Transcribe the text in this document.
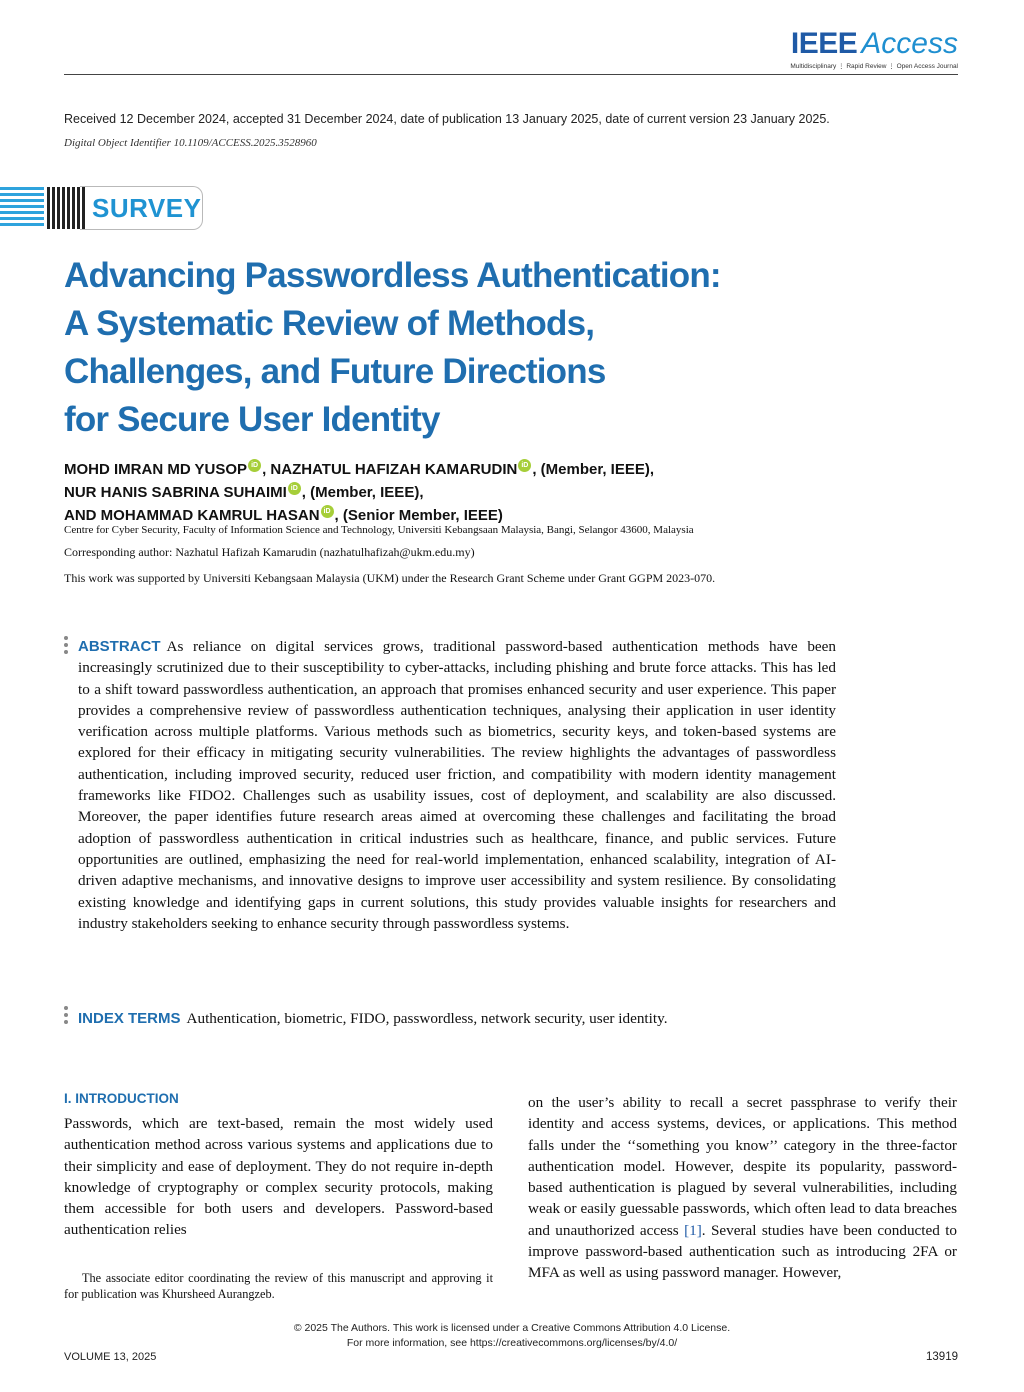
IEEE Access
Multidisciplinary ⋮ Rapid Review ⋮ Open Access Journal
Received 12 December 2024, accepted 31 December 2024, date of publication 13 January 2025, date of current version 23 January 2025.
Digital Object Identifier 10.1109/ACCESS.2025.3528960
SURVEY
Advancing Passwordless Authentication:
A Systematic Review of Methods,
Challenges, and Future Directions
for Secure User Identity
MOHD IMRAN MD YUSOP iD , NAZHATUL HAFIZAH KAMARUDIN iD , (Member, IEEE),
NUR HANIS SABRINA SUHAIMI iD , (Member, IEEE),
AND MOHAMMAD KAMRUL HASAN iD , (Senior Member, IEEE)
Centre for Cyber Security, Faculty of Information Science and Technology, Universiti Kebangsaan Malaysia, Bangi, Selangor 43600, Malaysia
Corresponding author: Nazhatul Hafizah Kamarudin (nazhatulhafizah@ukm.edu.my)
This work was supported by Universiti Kebangsaan Malaysia (UKM) under the Research Grant Scheme under Grant GGPM 2023-070.
ABSTRACT As reliance on digital services grows, traditional password-based authentication methods have been increasingly scrutinized due to their susceptibility to cyber-attacks, including phishing and brute force attacks. This has led to a shift toward passwordless authentication, an approach that promises enhanced security and user experience. This paper provides a comprehensive review of passwordless authentication techniques, analysing their application in user identity verification across multiple platforms. Various methods such as biometrics, security keys, and token-based systems are explored for their efficacy in mitigating security vulnerabilities. The review highlights the advantages of passwordless authentication, including improved security, reduced user friction, and compatibility with modern identity management frameworks like FIDO2. Challenges such as usability issues, cost of deployment, and scalability are also discussed. Moreover, the paper identifies future research areas aimed at overcoming these challenges and facilitating the broad adoption of passwordless authentication in critical industries such as healthcare, finance, and public services. Future opportunities are outlined, emphasizing the need for real-world implementation, enhanced scalability, integration of AI-driven adaptive mechanisms, and innovative designs to improve user accessibility and system resilience. By consolidating existing knowledge and identifying gaps in current solutions, this study provides valuable insights for researchers and industry stakeholders seeking to enhance security through passwordless systems.
INDEX TERMS Authentication, biometric, FIDO, passwordless, network security, user identity.
I. INTRODUCTION
Passwords, which are text-based, remain the most widely used authentication method across various systems and applications due to their simplicity and ease of deployment. They do not require in-depth knowledge of cryptography or complex security protocols, making them accessible for both users and developers. Password-based authentication relies
on the user’s ability to recall a secret passphrase to verify their identity and access systems, devices, or applications. This method falls under the ‘‘something you know’’ category in the three-factor authentication model. However, despite its popularity, password-based authentication is plagued by several vulnerabilities, including weak or easily guessable passwords, which often lead to data breaches and unauthorized access [1]. Several studies have been conducted to improve password-based authentication such as introducing 2FA or MFA as well as using password manager. However,
The associate editor coordinating the review of this manuscript and approving it for publication was Khursheed Aurangzeb.
© 2025 The Authors. This work is licensed under a Creative Commons Attribution 4.0 License.
For more information, see https://creativecommons.org/licenses/by/4.0/
VOLUME 13, 2025	13919
